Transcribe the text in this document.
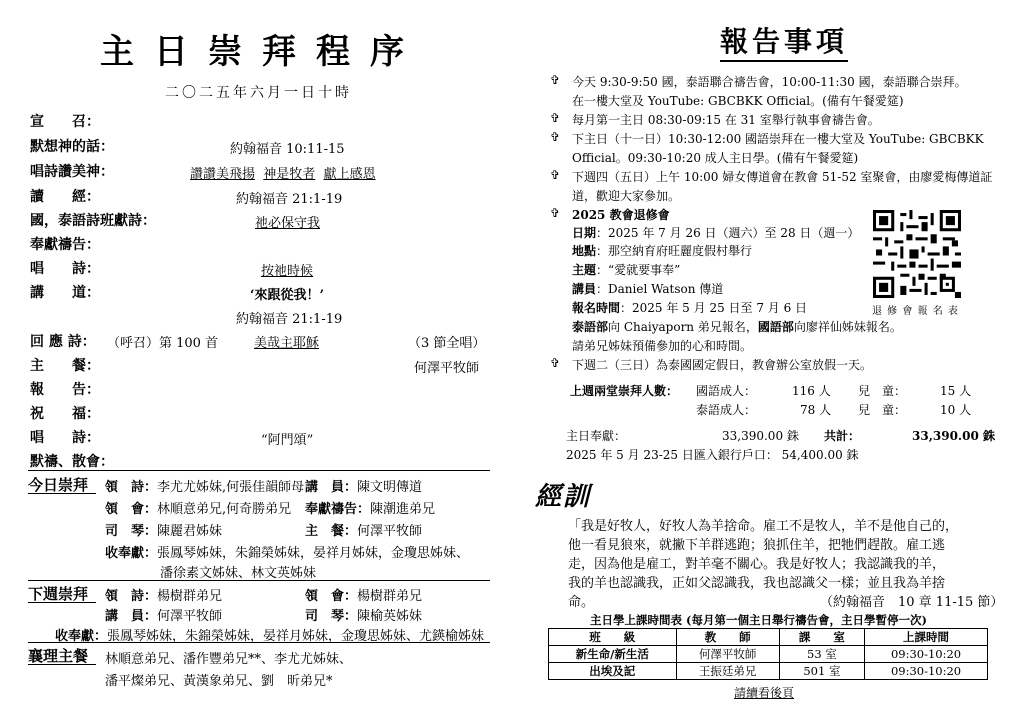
主日崇拜程序
二〇二五年六月一日十時
宣　　召：
默想神的話：	約翰福音 10:11-15
唱詩讚美神：	讚讚美飛揚 神是牧者 獻上感恩
讀　　經：	約翰福音 21:1-19
國，泰語詩班獻詩：	祂必保守我
奉獻禱告：
唱　　詩：	按祂時候
講　　道：	‘來跟從我！’
約翰福音 21:1-19
回 應 詩： （呼召）第 100 首	美哉主耶穌	（3 節全唱）
主　　餐：	何澤平牧師
報　　告：
祝　　福：
唱　　詩：	“阿門頌”
默禱、散會：
今日崇拜 領　詩：李尤尤姊妹,何張佳韻師母 講　員：陳文明傳道
領　會：林順意弟兄,何奇勝弟兄 奉獻禱告：陳潮進弟兄
司　琴：陳麗君姊妹	主　餐：何澤平牧師
收奉獻：張鳳琴姊妹，朱錦榮姊妹，晏祥月姊妹，金瓊思姊妹、
潘徐素文姊妹、林文英姊妹
下週崇拜 領　詩：楊樹群弟兄	領　會：楊樹群弟兄
講　員：何澤平牧師	司　琴：陳榆英姊妹
收奉獻：張鳳琴姊妹，朱錦榮姊妹，晏祥月姊妹，金瓊思姊妹、尤鍈榆姊妹
襄理主餐 林順意弟兄、潘作豐弟兄**、李尤尤姊妹、
潘平燦弟兄、黃漢象弟兄、劉　昕弟兄*
報告事項
✞ 今天 9:30-9:50 國，泰語聯合禱告會，10:00-11:30 國，泰語聯合崇拜。
在一樓大堂及 YouTube: GBCBKK Official。(備有午餐愛筵)
✞ 每月第一主日 08:30-09:15 在 31 室舉行執事會禱告會。
✞ 下主日（十一日）10:30-12:00 國語崇拜在一樓大堂及 YouTube: GBCBKK
Official。09:30-10:20 成人主日學。(備有午餐愛筵)
✞ 下週四（五日）上午 10:00 婦女傳道會在教會 51-52 室聚會，由廖愛梅傳道証
道，歡迎大家參加。
✞ 2025 教會退修會
日期：2025 年 7 月 26 日（週六）至 28 日（週一）
地點：那空納育府旺麗度假村舉行
主題：“愛就要事奉”
講員：Daniel Watson 傳道
報名時間：2025 年 5 月 25 日至 7 月 6 日
泰語部向 Chaiyaporn 弟兄報名，國語部向廖祥仙姊妹報名。
請弟兄姊妹預備參加的心和時間。
✞ 下週二（三日）為泰國國定假日，教會辦公室放假一天。
退 修 會 報 名 表
上週兩堂崇拜人數： 國語成人：	116 人 兒　童：	15 人
泰語成人：	78 人 兒　童：	10 人
主日奉獻：	33,390.00 銖 共計：	33,390.00 銖
2025 年 5 月 23-25 日匯入銀行戶口： 54,400.00 銖
經訓
「我是好牧人，好牧人為羊捨命。雇工不是牧人，羊不是他自己的，
他一看見狼來，就撇下羊群逃跑；狼抓住羊，把牠們趕散。雇工逃
走，因為他是雇工，對羊毫不關心。我是好牧人；我認識我的羊，
我的羊也認識我，正如父認識我，我也認識父一樣；並且我為羊捨
命。	（約翰福音　10 章 11-15 節）
主日學上課時間表 (每月第一個主日舉行禱告會，主日學暫停一次)
班　　級	教　　師	課　　室	上課時間
新生命/新生活	何澤平牧師	53 室	09:30-10:20
出埃及記	王振廷弟兄	501 室	09:30-10:20
請續看後頁
